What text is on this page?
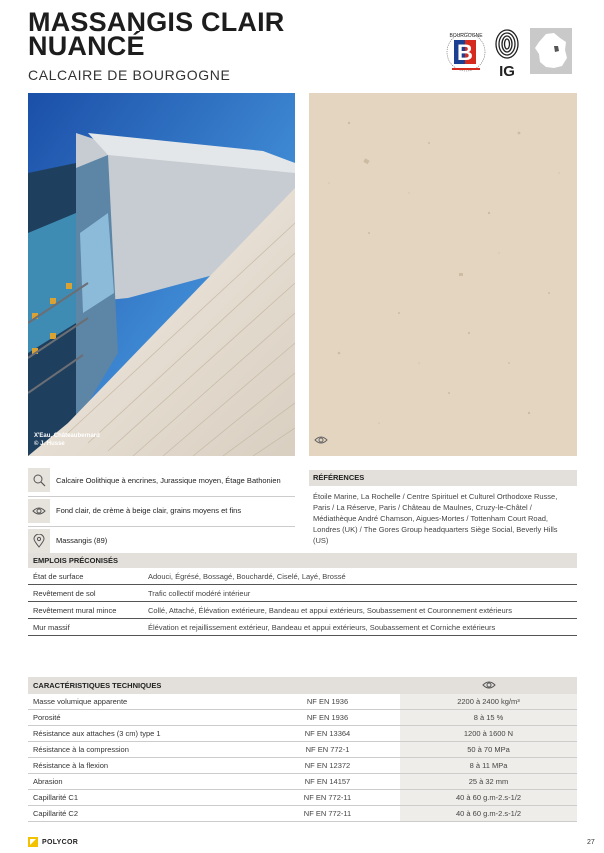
MASSANGIS CLAIR
NUANCÉ
CALCAIRE DE BOURGOGNE
BOURGOGNE
B
IG
X'Eau, Châteaubernard
© J. Husse
Calcaire Oolithique à encrines, Jurassique moyen, Étage Bathonien
Fond clair, de crème à beige clair, grains moyens et fins
Massangis (89)
RÉFÉRENCES
Étoile Marine, La Rochelle / Centre Spirituel et Culturel Orthodoxe Russe, Paris / La Réserve, Paris / Château de Maulnes, Cruzy-le-Châtel / Médiathèque André Chamson, Aigues-Mortes / Tottenham Court Road, Londres (UK) / The Gores Group headquarters Siège Social, Beverly Hills (US)
EMPLOIS PRÉCONISÉS
État de surface	Adouci, Égrésé, Bossagé, Bouchardé, Ciselé, Layé, Brossé
Revêtement de sol	Trafic collectif modéré intérieur
Revêtement mural mince	Collé, Attaché, Élévation extérieure, Bandeau et appui extérieurs, Soubassement et Couronnement extérieurs
Mur massif	Élévation et rejaillissement extérieur, Bandeau et appui extérieurs, Soubassement et Corniche extérieurs
CARACTÉRISTIQUES TECHNIQUES
Masse volumique apparente	NF EN 1936	2200 à 2400 kg/m³
Porosité	NF EN 1936	8 à 15 %
Résistance aux attaches (3 cm) type 1	NF EN 13364	1200 à 1600 N
Résistance à la compression	NF EN 772-1	50 à 70 MPa
Résistance à la flexion	NF EN 12372	8 à 11 MPa
Abrasion	NF EN 14157	25 à 32 mm
Capillarité C1	NF EN 772-11	40 à 60 g.m-2.s-1/2
Capillarité C2	NF EN 772-11	40 à 60 g.m-2.s-1/2
POLYCOR	27
